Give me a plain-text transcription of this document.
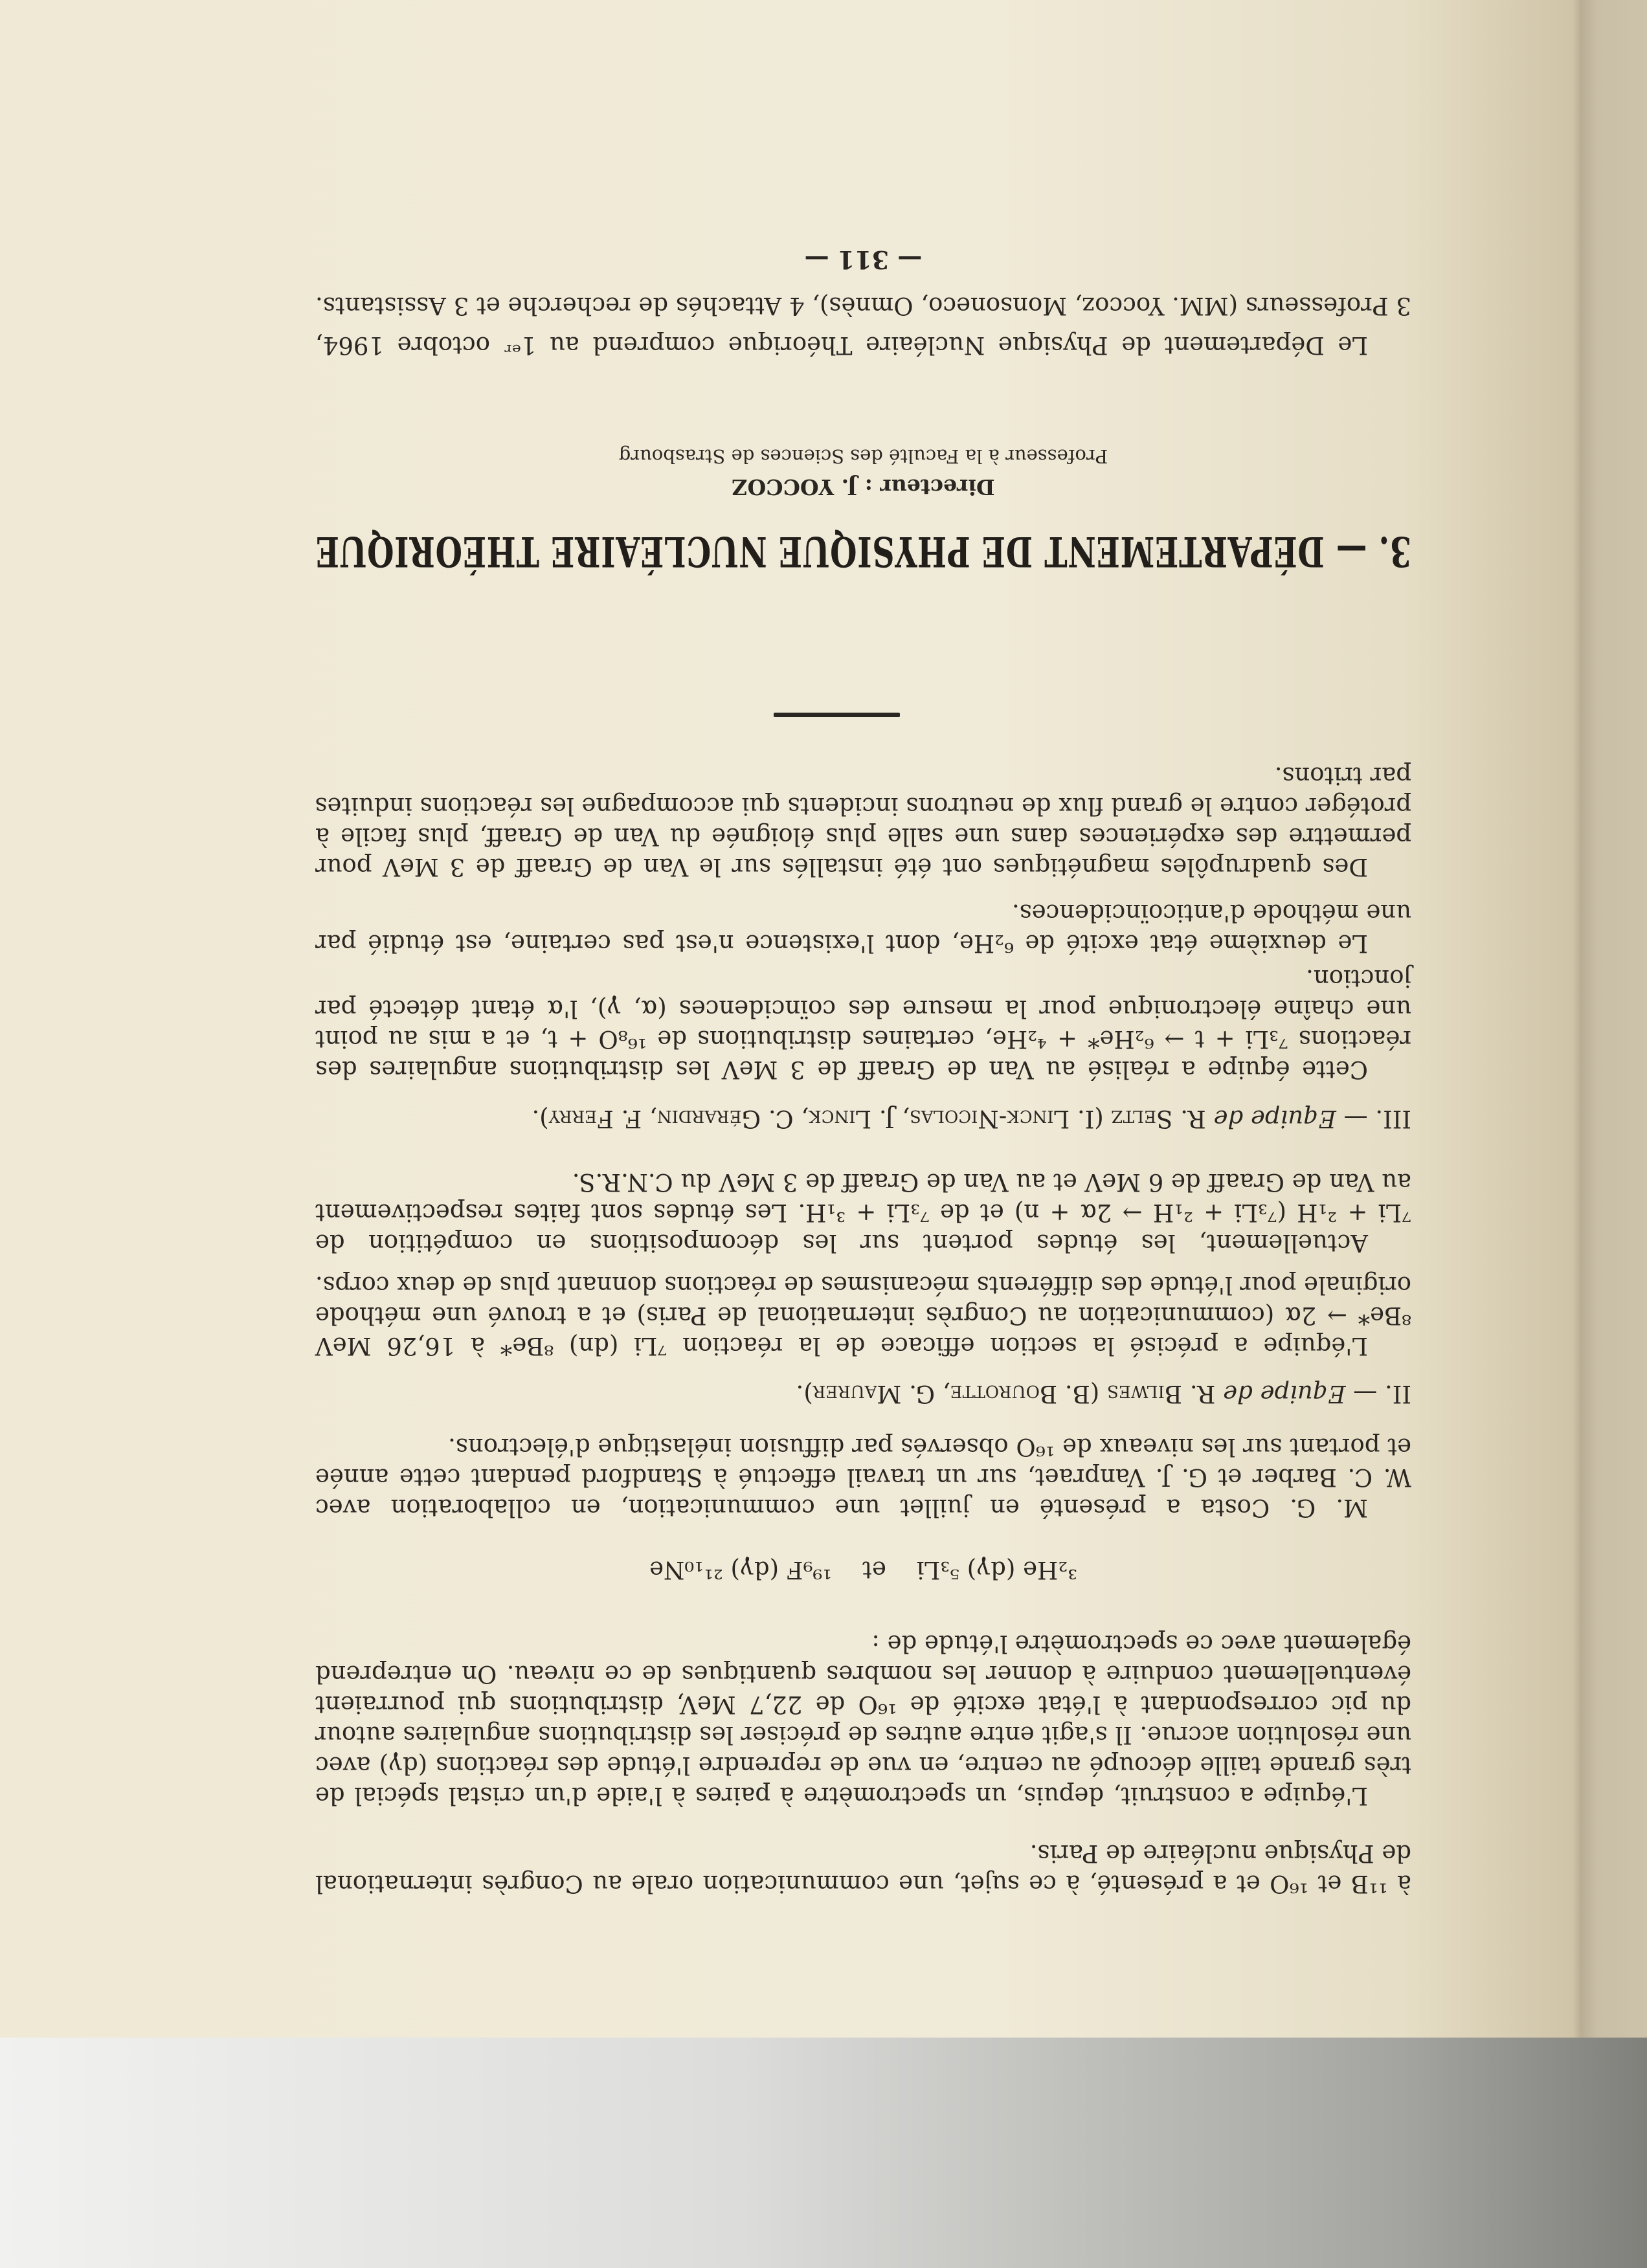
à ¹¹B et ¹⁶O et a présenté, à ce sujet, une communication orale au Congrès international
de Physique nucléaire de Paris.
L'équipe a construit, depuis, un spectromètre à paires à l'aide d'un cristal spécial de
très grande taille découpé au centre, en vue de reprendre l'étude des réactions (dγ) avec
une résolution accrue. Il s'agit entre autres de préciser les distributions angulaires autour
du pic correspondant à l'état excité de ¹⁶O de 22,7 MeV, distributions qui pourraient
éventuellement conduire à donner les nombres quantiques de ce niveau. On entreprend
également avec ce spectromètre l'étude de :
³₂He (dγ) ⁵₃Li    et    ¹⁹₉F (dγ) ²¹₁₀Ne
M. G. Costa a présenté en juillet une communication, en collaboration avec
W. C. Barber et G. J. Vanpraet, sur un travail effectué à Standford pendant cette année
et portant sur les niveaux de ¹⁶O observés par diffusion inélastique d'électrons.
II. — Equipe de R. Bilwes (B. Bourotte, G. Maurer).
L'équipe a précisé la section efficace de la réaction ⁷Li (dn) ⁸Be* à 16,26 MeV
⁸Be* → 2α (communication au Congrès international de Paris) et a trouvé une méthode
originale pour l'étude des différents mécanismes de réactions donnant plus de deux corps.
Actuellement, les études portent sur les décompositions en compétition de
⁷Li + ²₁H (⁷₃Li + ²₁H → 2α + n) et de ⁷₃Li + ³₁H. Les études sont faites respectivement
au Van de Graaff de 6 MeV et au Van de Graaff de 3 MeV du C.N.R.S.
III. — Equipe de R. Seltz (I. Linck-Nicolas, J. Linck, C. Gérardin, F. Ferry).
Cette équipe a réalisé au Van de Graaff de 3 MeV les distributions angulaires des
réactions ⁷₃Li + t → ⁶₂He* + ⁴₂He, certaines distributions de ¹⁶₈O + t, et a mis au point
une chaîne électronique pour la mesure des coïncidences (α, γ), l'α étant détecté par
jonction.
Le deuxième état excité de ⁶₂He, dont l'existence n'est pas certaine, est étudié par
une méthode d'anticoïncidences.
Des quadrupôles magnétiques ont été installés sur le Van de Graaff de 3 MeV pour
permettre des expériences dans une salle plus éloignée du Van de Graaff, plus facile à
protéger contre le grand flux de neutrons incidents qui accompagne les réactions induites
par tritons.
3. — DÉPARTEMENT DE PHYSIQUE NUCLÉAIRE THÉORIQUE
Directeur : J. YOCCOZ
Professeur à la Faculté des Sciences de Strasbourg
Le Département de Physique Nucléaire Théorique comprend au 1ᵉʳ octobre 1964,
3 Professeurs (MM. Yoccoz, Monsoneco, Omnès), 4 Attachés de recherche et 3 Assistants.
— 311 —
